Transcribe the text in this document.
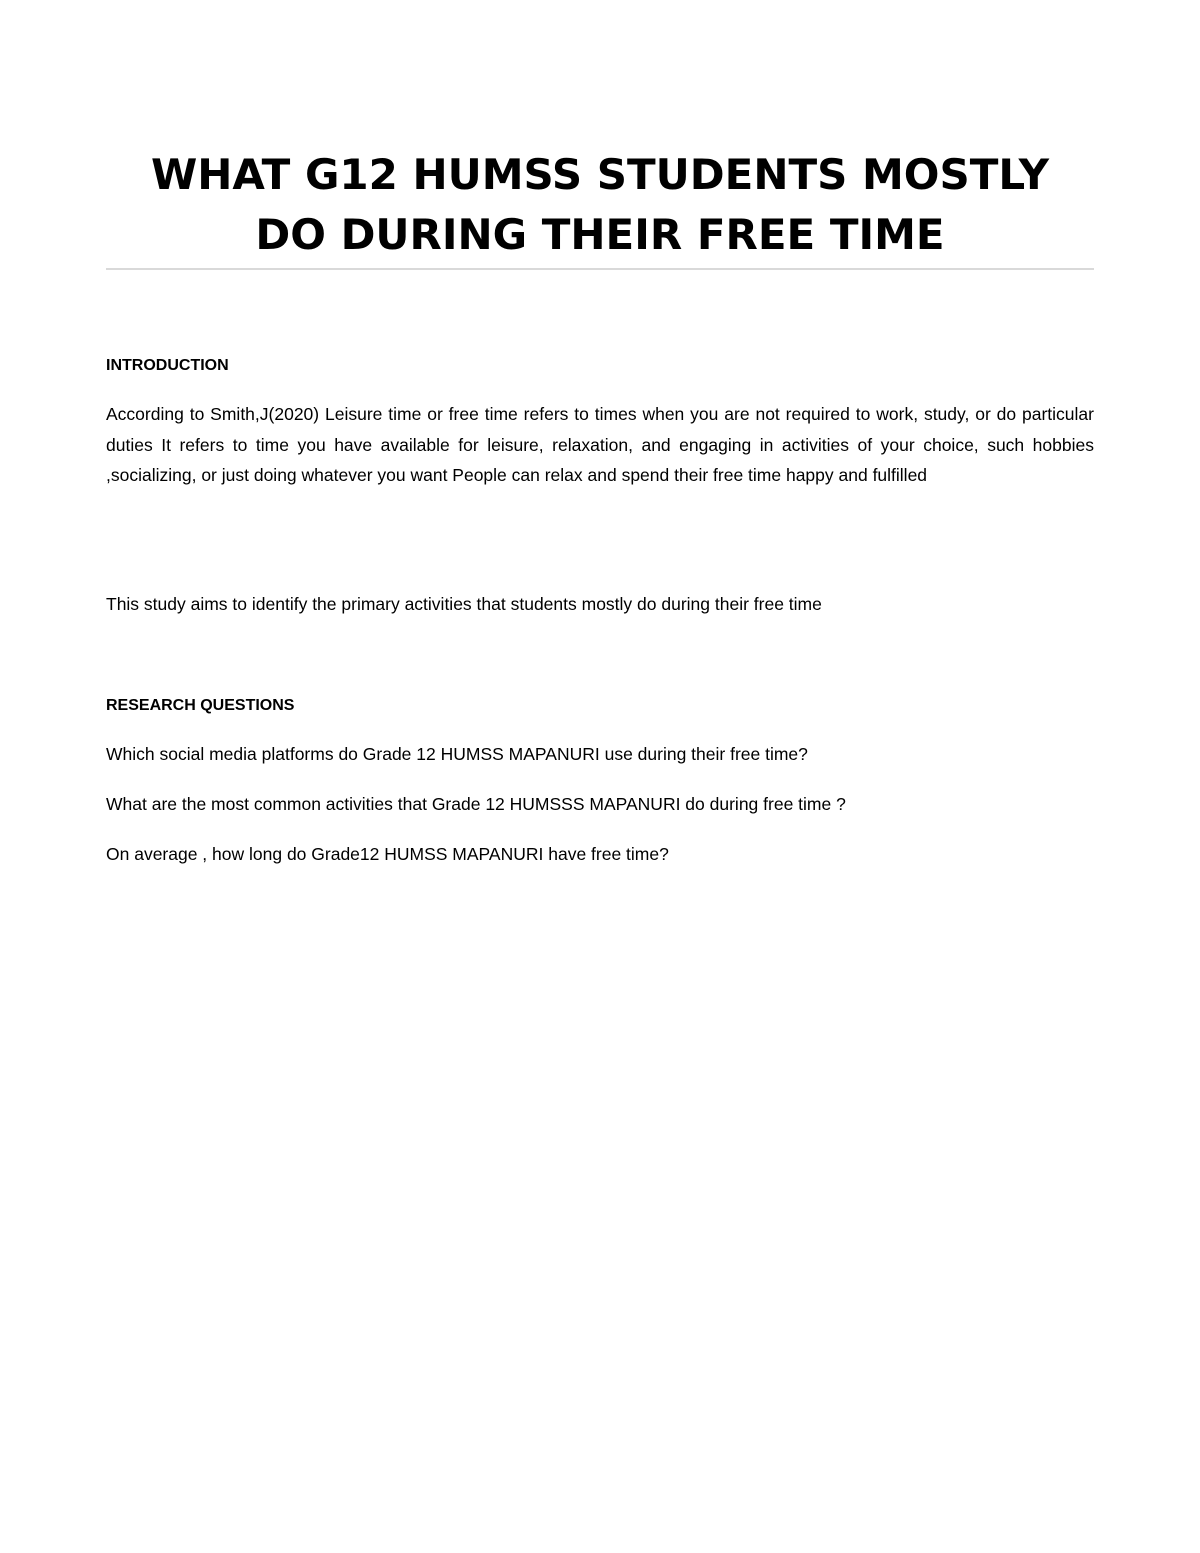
WHAT G12 HUMSS STUDENTS MOSTLY
DO DURING THEIR FREE TIME

INTRODUCTION

According to Smith,J(2020) Leisure time or free time refers to times when you are not required to work, study, or do particular duties It refers to time you have available for leisure, relaxation, and engaging in activities of your choice, such hobbies ,socializing, or just doing whatever you want People can relax and spend their free time happy and fulfilled

This study aims to identify the primary activities that students mostly do during their free time

RESEARCH QUESTIONS

Which social media platforms do Grade 12 HUMSS MAPANURI use during their free time?

What are the most common activities that Grade 12 HUMSSS MAPANURI do during free time ?

On average , how long do Grade12 HUMSS MAPANURI have free time?
